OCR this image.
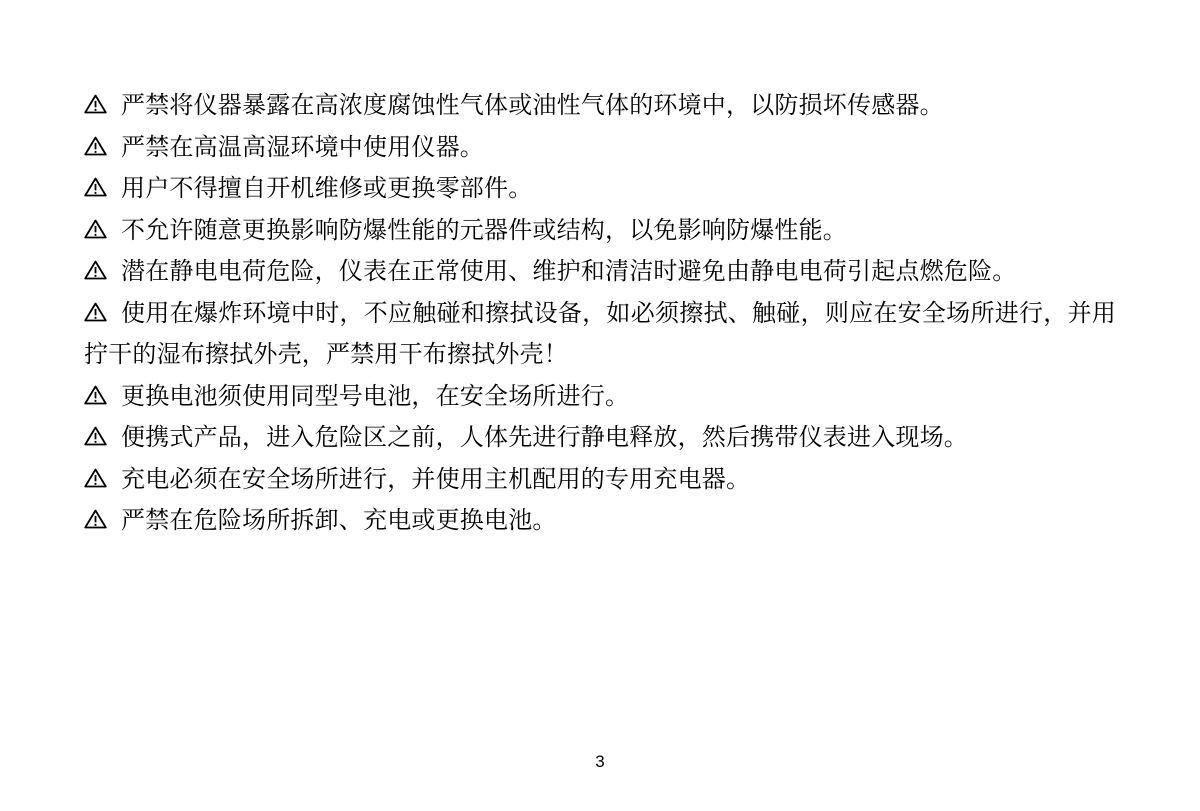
严禁将仪器暴露在高浓度腐蚀性气体或油性气体的环境中，以防损坏传感器。

严禁在高温高湿环境中使用仪器。

用户不得擅自开机维修或更换零部件。

不允许随意更换影响防爆性能的元器件或结构，以免影响防爆性能。

潜在静电电荷危险，仪表在正常使用、维护和清洁时避免由静电电荷引起点燃危险。

使用在爆炸环境中时，不应触碰和擦拭设备，如必须擦拭、触碰，则应在安全场所进行，并用拧干的湿布擦拭外壳，严禁用干布擦拭外壳！

更换电池须使用同型号电池，在安全场所进行。

便携式产品，进入危险区之前，人体先进行静电释放，然后携带仪表进入现场。

充电必须在安全场所进行，并使用主机配用的专用充电器。

严禁在危险场所拆卸、充电或更换电池。

3
